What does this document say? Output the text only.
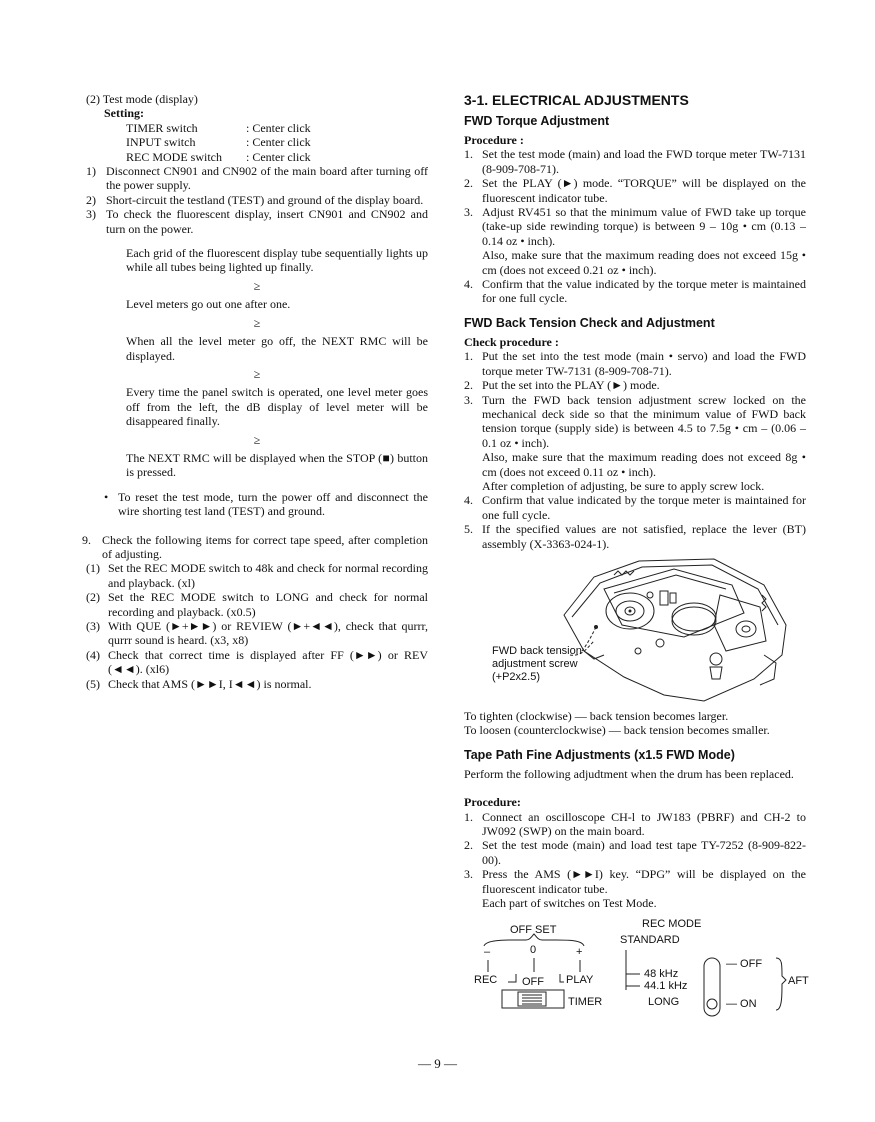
(2) Test mode (display)
Setting:
TIMER switch	: Center click
INPUT switch	: Center click
REC MODE switch	: Center click
1) Disconnect CN901 and CN902 of the main board after turning off the power supply.
2) Short-circuit the testland (TEST) and ground of the display board.
3) To check the fluorescent display, insert CN901 and CN902 and turn on the power.
Each grid of the fluorescent display tube sequentially lights up while all tubes being lighted up finally.
≥
Level meters go out one after one.
≥
When all the level meter go off, the NEXT RMC will be displayed.
≥
Every time the panel switch is operated, one level meter goes off from the left, the dB display of level meter will be disappeared finally.
≥
The NEXT RMC will be displayed when the STOP (■) button is pressed.
• To reset the test mode, turn the power off and disconnect the wire shorting test land (TEST) and ground.
9. Check the following items for correct tape speed, after completion of adjusting.
(1) Set the REC MODE switch to 48k and check for normal recording and playback. (xl)
(2) Set the REC MODE switch to LONG and check for normal recording and playback. (x0.5)
(3) With QUE (►+►►) or REVIEW (►+◄◄), check that qurrr, qurrr sound is heard. (x3, x8)
(4) Check that correct time is displayed after FF (►►) or REV (◄◄). (xl6)
(5) Check that AMS (►►I, I◄◄) is normal.
3-1. ELECTRICAL ADJUSTMENTS
FWD Torque Adjustment
Procedure :
1. Set the test mode (main) and load the FWD torque meter TW-7131 (8-909-708-71).
2. Set the PLAY (►) mode. “TORQUE” will be displayed on the fluorescent indicator tube.
3. Adjust RV451 so that the minimum value of FWD take up torque (take-up side rewinding torque) is between 9 – 10g • cm (0.13 – 0.14 oz • inch).
Also, make sure that the maximum reading does not exceed 15g • cm (does not exceed 0.21 oz • inch).
4. Confirm that the value indicated by the torque meter is maintained for one full cycle.
FWD Back Tension Check and Adjustment
Check procedure :
1. Put the set into the test mode (main • servo) and load the FWD torque meter TW-7131 (8-909-708-71).
2. Put the set into the PLAY (►) mode.
3. Turn the FWD back tension adjustment screw locked on the mechanical deck side so that the minimum value of FWD back tension torque (supply side) is between 4.5 to 7.5g • cm – (0.06 – 0.1 oz • inch).
Also, make sure that the maximum reading does not exceed 8g • cm (does not exceed 0.11 oz • inch).
After completion of adjusting, be sure to apply screw lock.
4. Confirm that value indicated by the torque meter is maintained for one full cycle.
5. If the specified values are not satisfied, replace the lever (BT) assembly (X-3363-024-1).
FWD back tension
adjustment screw
(+P2x2.5)
To tighten (clockwise) — back tension becomes larger.
To loosen (counterclockwise) — back tension becomes smaller.
Tape Path Fine Adjustments (x1.5 FWD Mode)
Perform the following adjudtment when the drum has been replaced.
Procedure:
1. Connect an oscilloscope CH-l to JW183 (PBRF) and CH-2 to JW092 (SWP) on the main board.
2. Set the test mode (main) and load test tape TY-7252 (8-909-822-00).
3. Press the AMS (►►I) key. “DPG” will be displayed on the fluorescent indicator tube.
Each part of switches on Test Mode.
OFF SET
–	0	+
REC OFF PLAY
TIMER
REC MODE
STANDARD
48 kHz
44.1 kHz
LONG
— OFF
— ON
AFT
— 9 —
